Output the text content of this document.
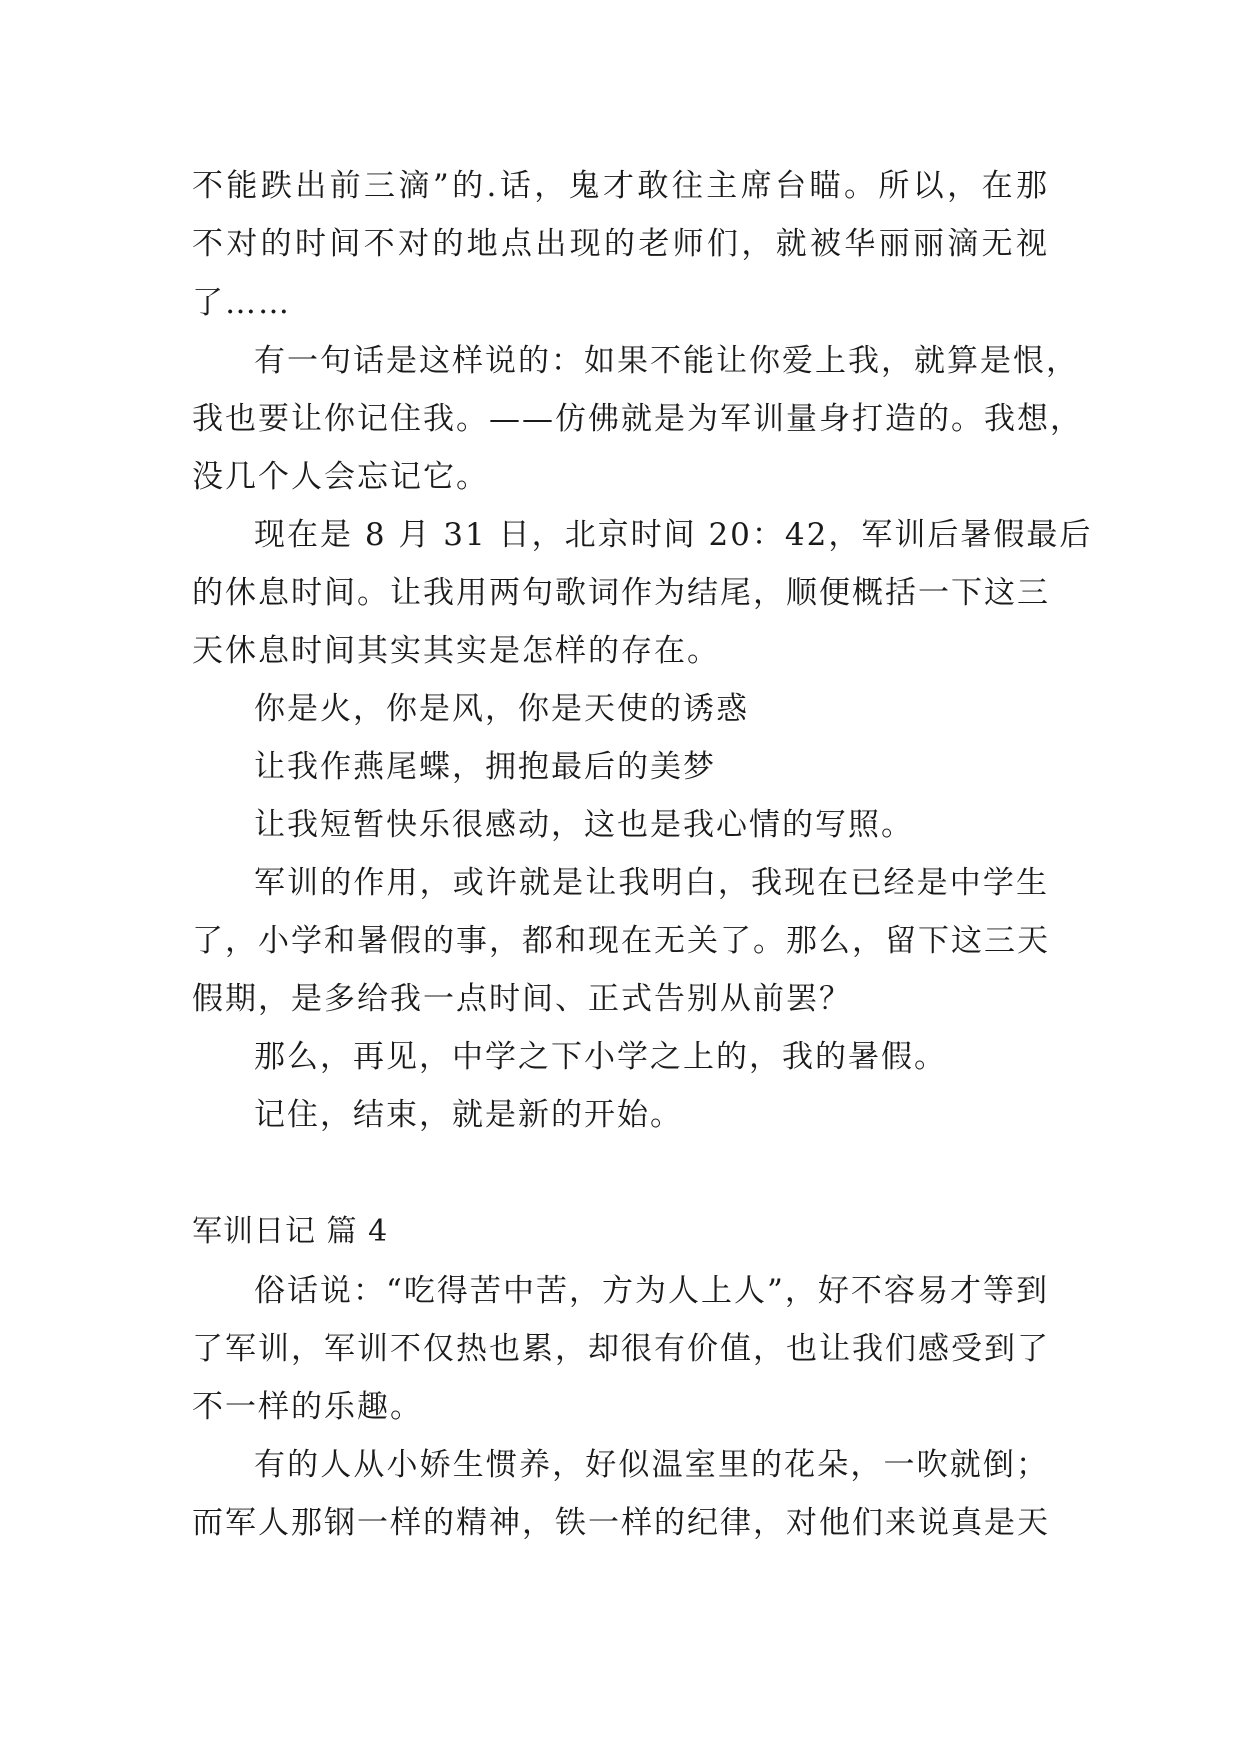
不能跌出前三滴”的.话，鬼才敢往主席台瞄。所以，在那
不对的时间不对的地点出现的老师们，就被华丽丽滴无视
了……
有一句话是这样说的：如果不能让你爱上我，就算是恨，
我也要让你记住我。——仿佛就是为军训量身打造的。我想，
没几个人会忘记它。
现在是 8 月 31 日，北京时间 20：42，军训后暑假最后
的休息时间。让我用两句歌词作为结尾，顺便概括一下这三
天休息时间其实其实是怎样的存在。
你是火，你是风，你是天使的诱惑
让我作燕尾蝶，拥抱最后的美梦
让我短暂快乐很感动，这也是我心情的写照。
军训的作用，或许就是让我明白，我现在已经是中学生
了，小学和暑假的事，都和现在无关了。那么，留下这三天
假期，是多给我一点时间、正式告别从前罢？
那么，再见，中学之下小学之上的，我的暑假。
记住，结束，就是新的开始。
军训日记 篇 4
俗话说：“吃得苦中苦，方为人上人”，好不容易才等到
了军训，军训不仅热也累，却很有价值，也让我们感受到了
不一样的乐趣。
有的人从小娇生惯养，好似温室里的花朵，一吹就倒；
而军人那钢一样的精神，铁一样的纪律，对他们来说真是天
